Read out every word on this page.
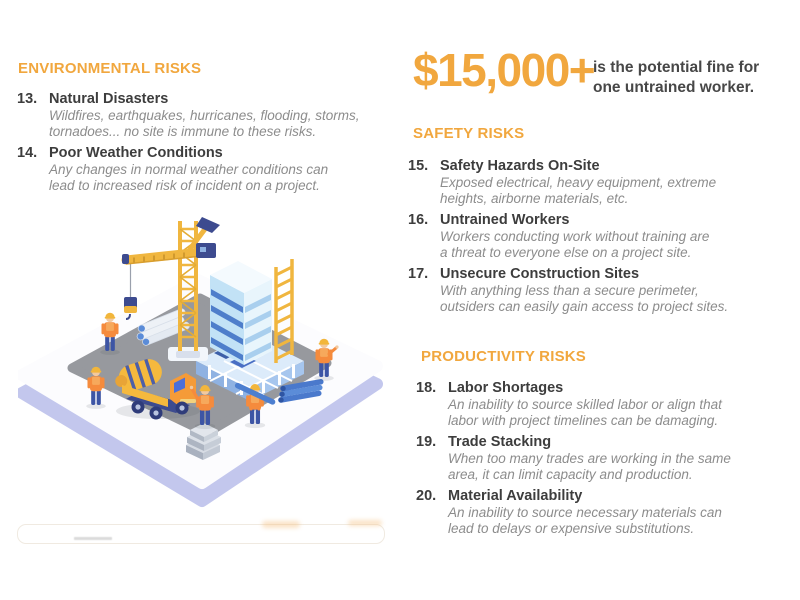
ENVIRONMENTAL RISKS
13. Natural Disasters
Wildfires, earthquakes, hurricanes, flooding, storms,
tornadoes... no site is immune to these risks.
14. Poor Weather Conditions
Any changes in normal weather conditions can
lead to increased risk of incident on a project.
$15,000+
is the potential fine for
one untrained worker.
SAFETY RISKS
15. Safety Hazards On-Site
Exposed electrical, heavy equipment, extreme
heights, airborne materials, etc.
16. Untrained Workers
Workers conducting work without training are
a threat to everyone else on a project site.
17. Unsecure Construction Sites
With anything less than a secure perimeter,
outsiders can easily gain access to project sites.
PRODUCTIVITY RISKS
18. Labor Shortages
An inability to source skilled labor or align that
labor with project timelines can be damaging.
19. Trade Stacking
When too many trades are working in the same
area, it can limit capacity and production.
20. Material Availability
An inability to source necessary materials can
lead to delays or expensive substitutions.
